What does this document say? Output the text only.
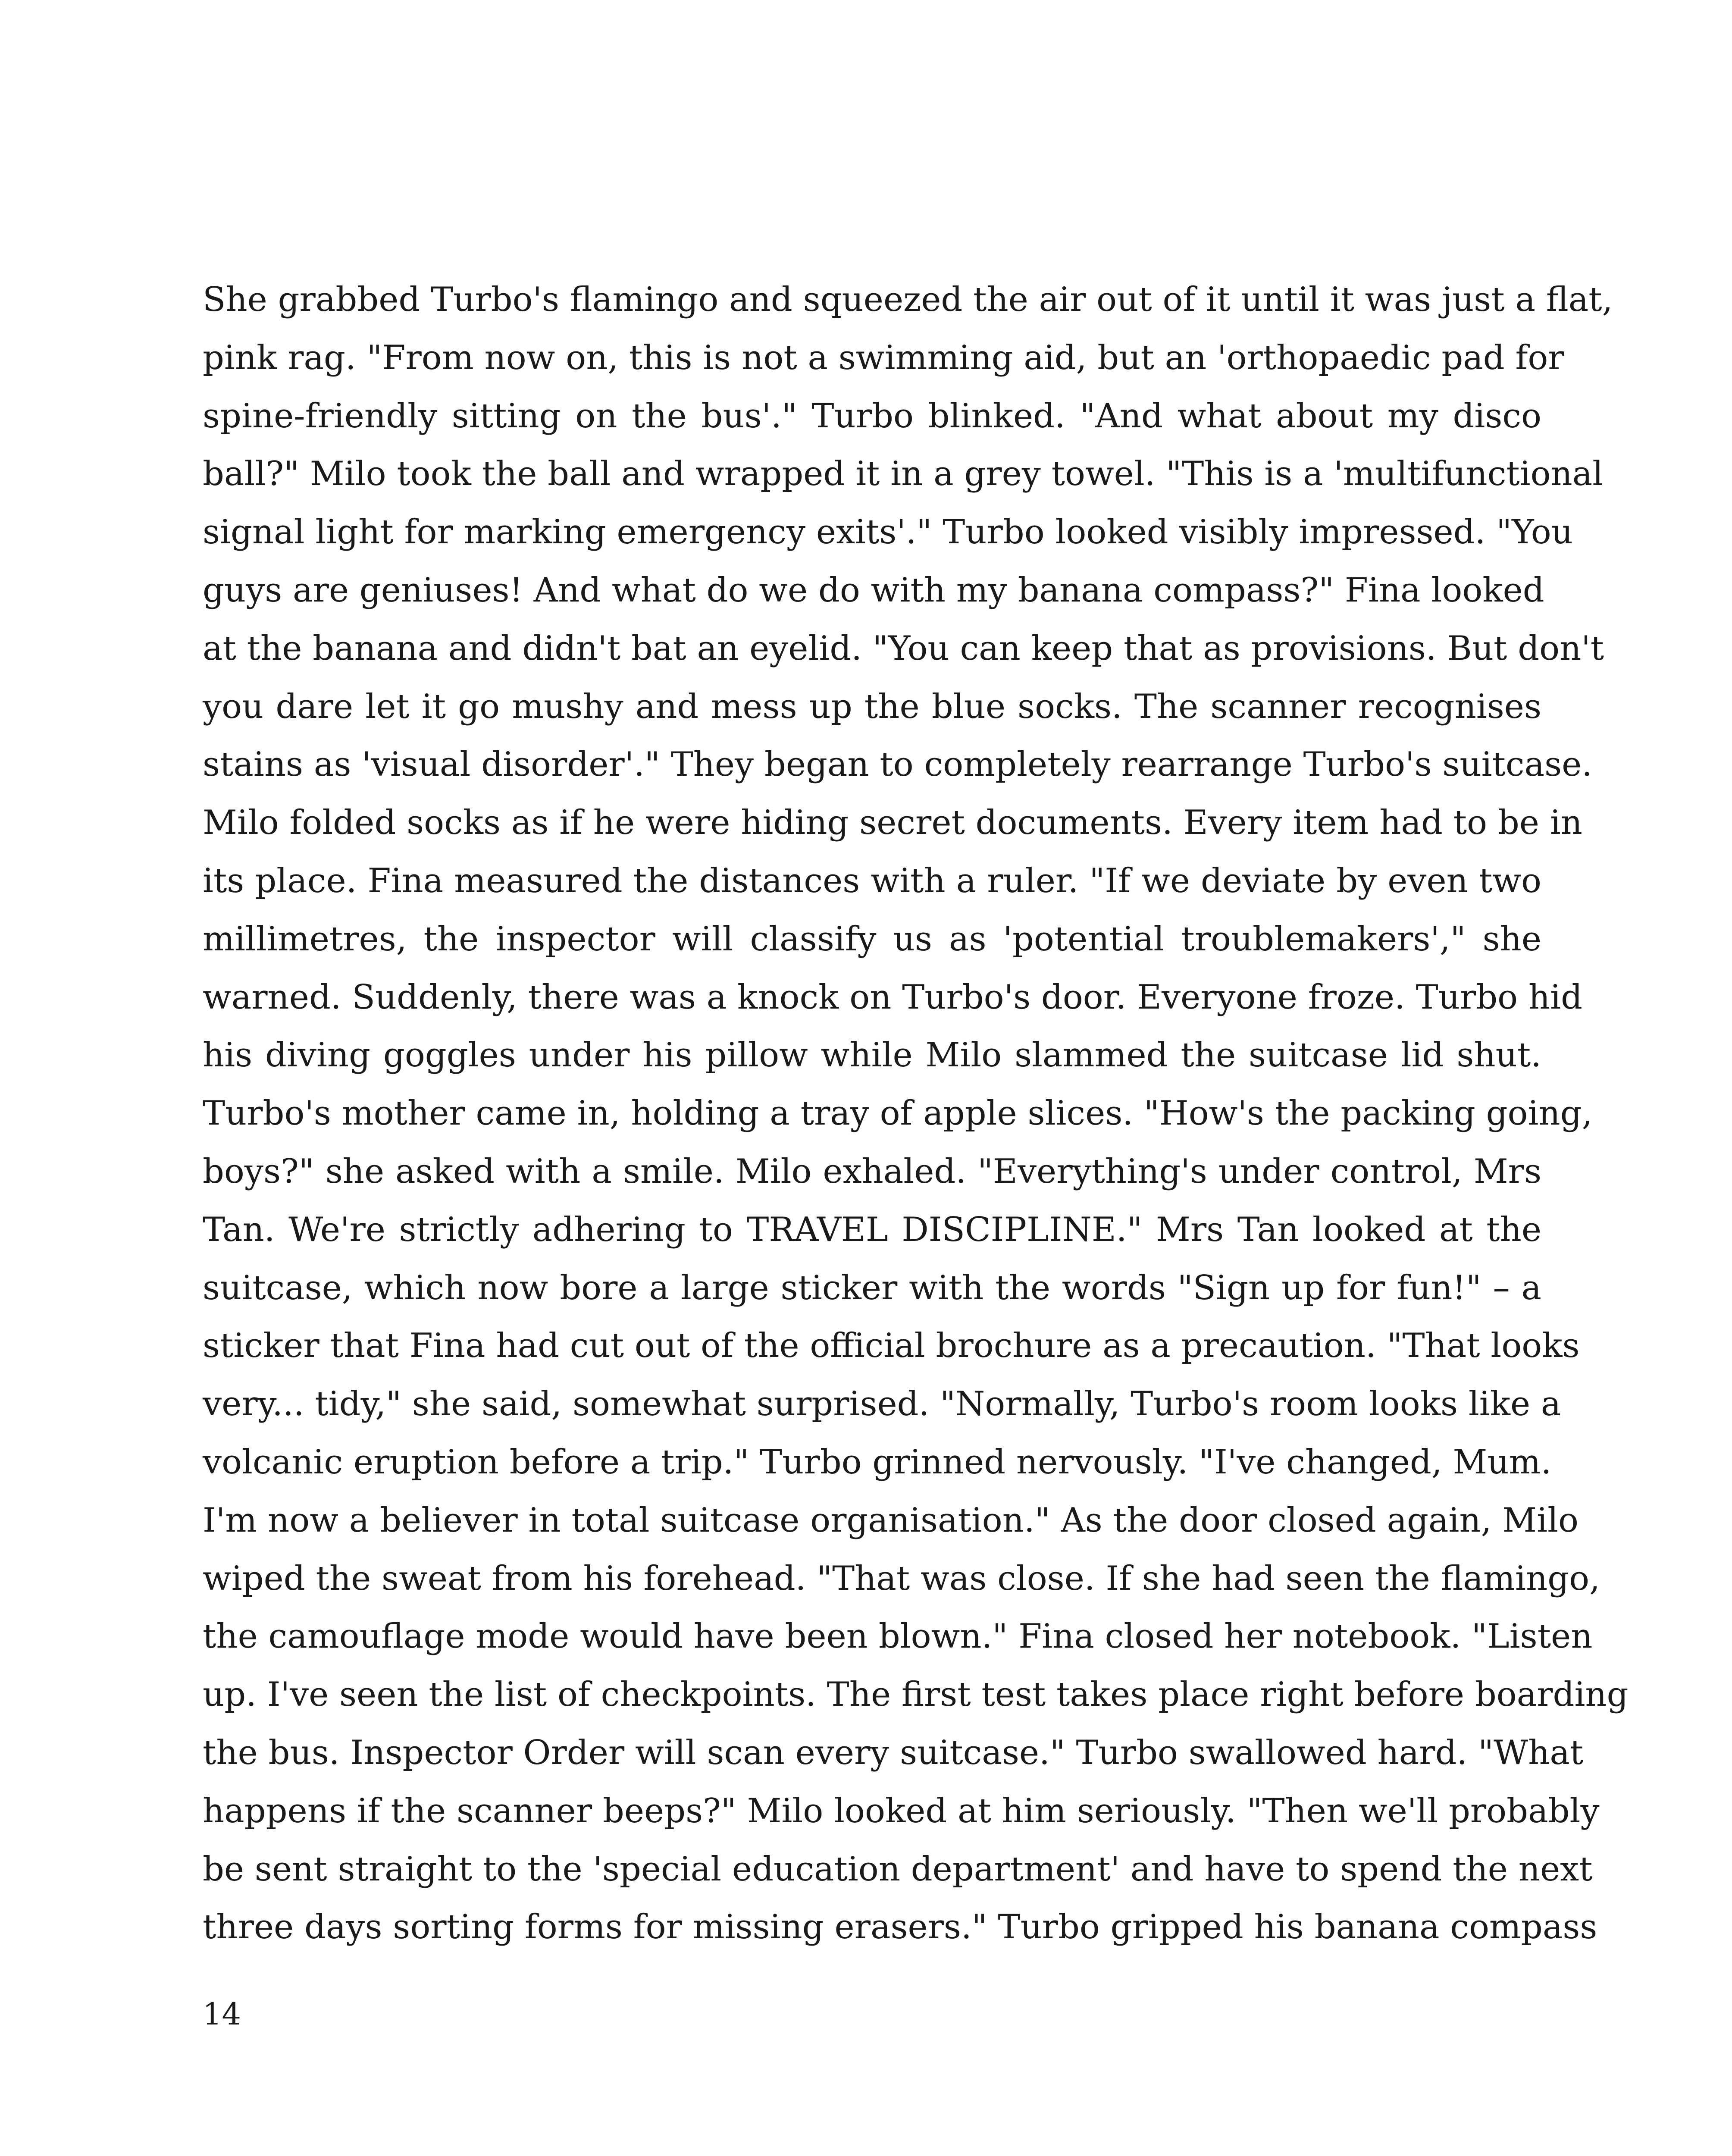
She grabbed Turbo's flamingo and squeezed the air out of it until it was just a flat,
pink rag. "From now on, this is not a swimming aid, but an 'orthopaedic pad for
spine-friendly sitting on the bus'." Turbo blinked. "And what about my disco
ball?" Milo took the ball and wrapped it in a grey towel. "This is a 'multifunctional
signal light for marking emergency exits'." Turbo looked visibly impressed. "You
guys are geniuses! And what do we do with my banana compass?" Fina looked
at the banana and didn't bat an eyelid. "You can keep that as provisions. But don't
you dare let it go mushy and mess up the blue socks. The scanner recognises
stains as 'visual disorder'." They began to completely rearrange Turbo's suitcase.
Milo folded socks as if he were hiding secret documents. Every item had to be in
its place. Fina measured the distances with a ruler. "If we deviate by even two
millimetres, the inspector will classify us as 'potential troublemakers'," she
warned. Suddenly, there was a knock on Turbo's door. Everyone froze. Turbo hid
his diving goggles under his pillow while Milo slammed the suitcase lid shut.
Turbo's mother came in, holding a tray of apple slices. "How's the packing going,
boys?" she asked with a smile. Milo exhaled. "Everything's under control, Mrs
Tan. We're strictly adhering to TRAVEL DISCIPLINE." Mrs Tan looked at the
suitcase, which now bore a large sticker with the words "Sign up for fun!" – a
sticker that Fina had cut out of the official brochure as a precaution. "That looks
very... tidy," she said, somewhat surprised. "Normally, Turbo's room looks like a
volcanic eruption before a trip." Turbo grinned nervously. "I've changed, Mum.
I'm now a believer in total suitcase organisation." As the door closed again, Milo
wiped the sweat from his forehead. "That was close. If she had seen the flamingo,
the camouflage mode would have been blown." Fina closed her notebook. "Listen
up. I've seen the list of checkpoints. The first test takes place right before boarding
the bus. Inspector Order will scan every suitcase." Turbo swallowed hard. "What
happens if the scanner beeps?" Milo looked at him seriously. "Then we'll probably
be sent straight to the 'special education department' and have to spend the next
three days sorting forms for missing erasers." Turbo gripped his banana compass
14
